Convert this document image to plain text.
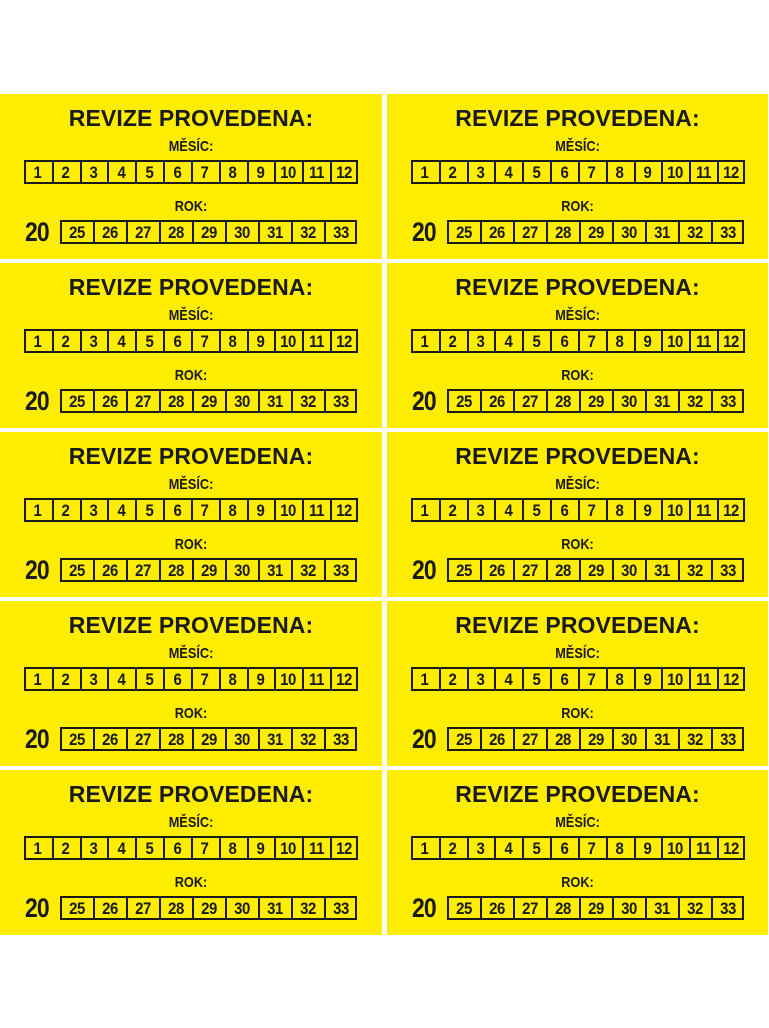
REVIZE PROVEDENA:
MĚSÍC:
1 2 3 4 5 6 7 8 9 10 11 12
ROK:
20 25 26 27 28 29 30 31 32 33
REVIZE PROVEDENA:
MĚSÍC:
1 2 3 4 5 6 7 8 9 10 11 12
ROK:
20 25 26 27 28 29 30 31 32 33
REVIZE PROVEDENA:
MĚSÍC:
1 2 3 4 5 6 7 8 9 10 11 12
ROK:
20 25 26 27 28 29 30 31 32 33
REVIZE PROVEDENA:
MĚSÍC:
1 2 3 4 5 6 7 8 9 10 11 12
ROK:
20 25 26 27 28 29 30 31 32 33
REVIZE PROVEDENA:
MĚSÍC:
1 2 3 4 5 6 7 8 9 10 11 12
ROK:
20 25 26 27 28 29 30 31 32 33
REVIZE PROVEDENA:
MĚSÍC:
1 2 3 4 5 6 7 8 9 10 11 12
ROK:
20 25 26 27 28 29 30 31 32 33
REVIZE PROVEDENA:
MĚSÍC:
1 2 3 4 5 6 7 8 9 10 11 12
ROK:
20 25 26 27 28 29 30 31 32 33
REVIZE PROVEDENA:
MĚSÍC:
1 2 3 4 5 6 7 8 9 10 11 12
ROK:
20 25 26 27 28 29 30 31 32 33
REVIZE PROVEDENA:
MĚSÍC:
1 2 3 4 5 6 7 8 9 10 11 12
ROK:
20 25 26 27 28 29 30 31 32 33
REVIZE PROVEDENA:
MĚSÍC:
1 2 3 4 5 6 7 8 9 10 11 12
ROK:
20 25 26 27 28 29 30 31 32 33
